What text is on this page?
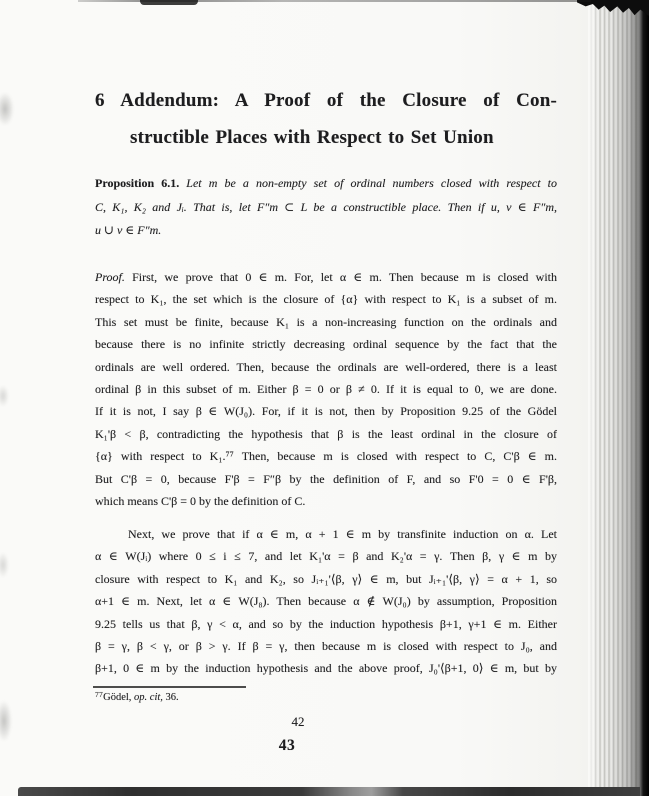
6 Addendum: A Proof of the Closure of Con-
structible Places with Respect to Set Union
Proposition 6.1. Let m be a non-empty set of ordinal numbers closed with respect to
C, K₁, K₂ and Jᵢ. That is, let F″m ⊂ L be a constructible place. Then if u, v ∈ F″m,
u ∪ v ∈ F″m.
Proof. First, we prove that 0 ∈ m. For, let α ∈ m. Then because m is closed with
respect to K₁, the set which is the closure of {α} with respect to K₁ is a subset of m.
This set must be finite, because K₁ is a non-increasing function on the ordinals and
because there is no infinite strictly decreasing ordinal sequence by the fact that the
ordinals are well ordered. Then, because the ordinals are well-ordered, there is a least
ordinal β in this subset of m. Either β = 0 or β ≠ 0. If it is equal to 0, we are done.
If it is not, I say β ∈ W(J₀). For, if it is not, then by Proposition 9.25 of the Gödel
K₁'β < β, contradicting the hypothesis that β is the least ordinal in the closure of
{α} with respect to K₁.⁷⁷ Then, because m is closed with respect to C, C'β ∈ m.
But C'β = 0, because F'β = F″β by the definition of F, and so F'0 = 0 ∈ F'β,
which means C'β = 0 by the definition of C.
Next, we prove that if α ∈ m, α + 1 ∈ m by transfinite induction on α. Let
α ∈ W(Jᵢ) where 0 ≤ i ≤ 7, and let K₁'α = β and K₂'α = γ. Then β, γ ∈ m by
closure with respect to K₁ and K₂, so Jᵢ₊₁'⟨β, γ⟩ ∈ m, but Jᵢ₊₁'⟨β, γ⟩ = α + 1, so
α+1 ∈ m. Next, let α ∈ W(J₈). Then because α ∉ W(J₀) by assumption, Proposition
9.25 tells us that β, γ < α, and so by the induction hypothesis β+1, γ+1 ∈ m. Either
β = γ, β < γ, or β > γ. If β = γ, then because m is closed with respect to J₀, and
β+1, 0 ∈ m by the induction hypothesis and the above proof, J₀'⟨β+1, 0⟩ ∈ m, but by
$^{77}$Gödel, op. cit, 36.
42
43
